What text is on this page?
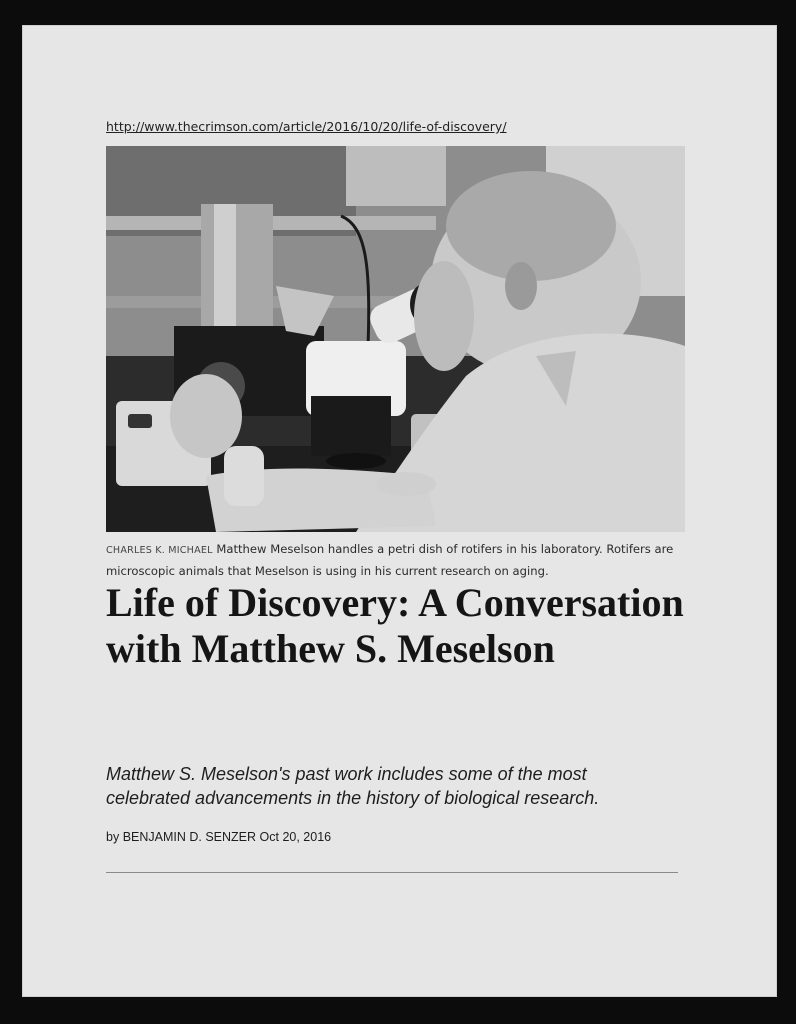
http://www.thecrimson.com/article/2016/10/20/life-of-discovery/
CHARLES K. MICHAEL Matthew Meselson handles a petri dish of rotifers in his laboratory. Rotifers are microscopic animals that Meselson is using in his current research on aging.
Life of Discovery: A Conversation with Matthew S. Meselson

Matthew S. Meselson's past work includes some of the most celebrated advancements in the history of biological research.

by BENJAMIN D. SENZER Oct 20, 2016
